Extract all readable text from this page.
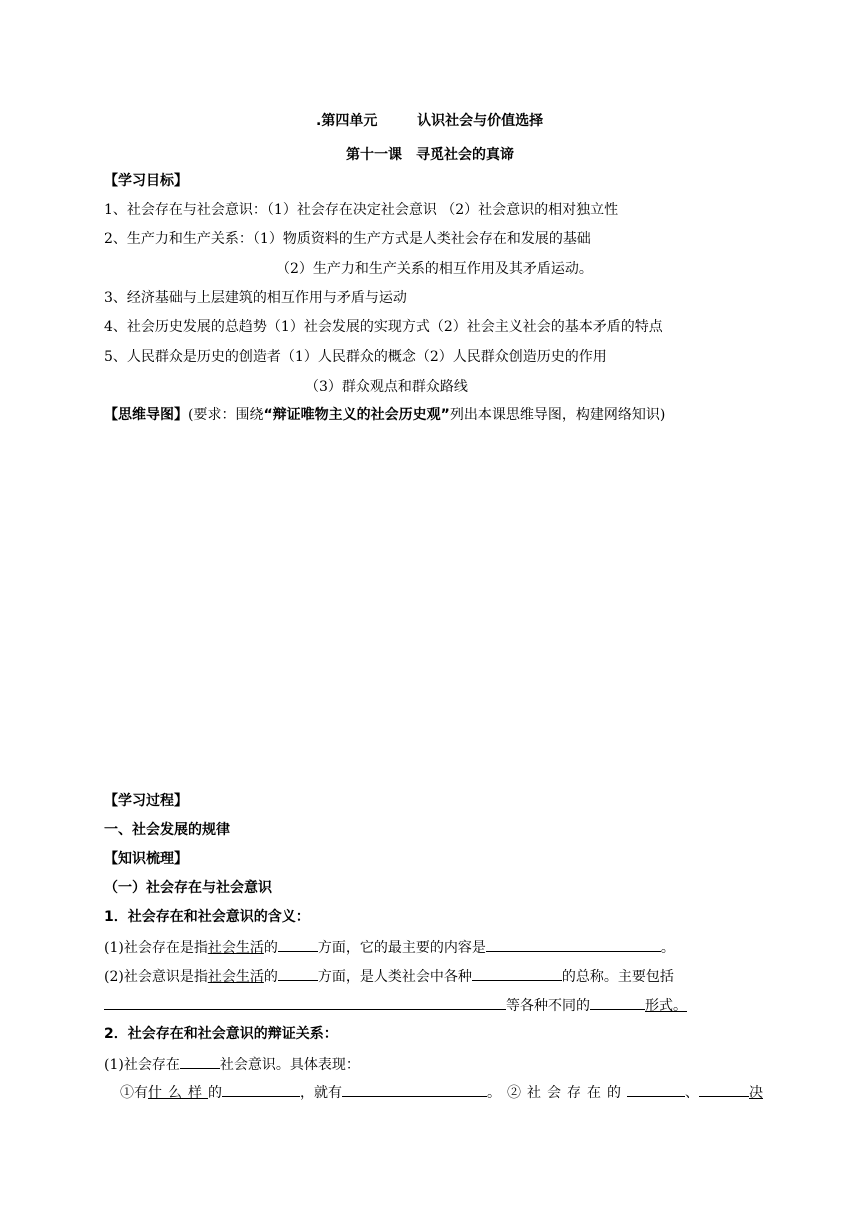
.第四单元	认识社会与价值选择
第十一课　寻觅社会的真谛
【学习目标】
1、社会存在与社会意识：（1）社会存在决定社会意识 （2）社会意识的相对独立性
2、生产力和生产关系：（1）物质资料的生产方式是人类社会存在和发展的基础
（2）生产力和生产关系的相互作用及其矛盾运动。
3、经济基础与上层建筑的相互作用与矛盾与运动
4、社会历史发展的总趋势（1）社会发展的实现方式（2）社会主义社会的基本矛盾的特点
5、人民群众是历史的创造者（1）人民群众的概念（2）人民群众创造历史的作用
（3）群众观点和群众路线
【思维导图】(要求：围绕“辩证唯物主义的社会历史观”列出本课思维导图，构建网络知识)
【学习过程】
一、社会发展的规律
【知识梳理】
（一）社会存在与社会意识
1．社会存在和社会意识的含义：
(1)社会存在是指社会生活的	方面，它的最主要的内容是	。
(2)社会意识是指社会生活的	方面，是人类社会中各种	的总称。主要包括
等各种不同的	形式。
2．社会存在和社会意识的辩证关系：
(1)社会存在	社会意识。具体表现：
①有什么样的	，就有	。②社会存在的	、	决
